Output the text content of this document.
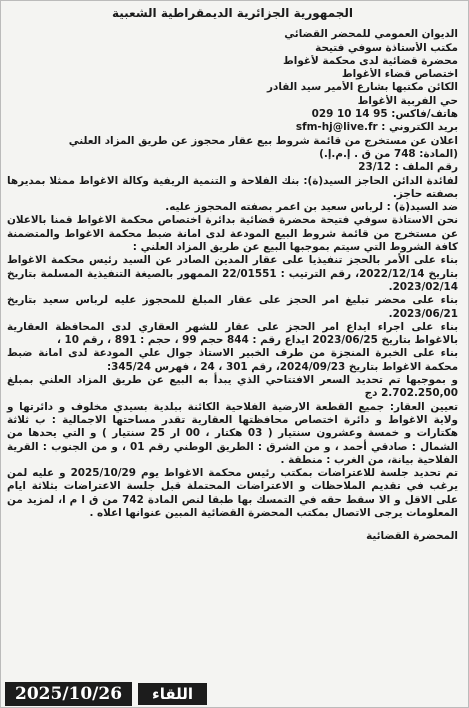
الجمهورية الجزائرية الديمقراطية الشعبية
الديوان العمومي للمحضر القضائي
مكتب الأستاذة سوفي فتيحة
محضرة قضائية لدى محكمة لأغواط
اختصاص قضاء الأغواط
الكائن مكتبها بشارع الأمير سيد القادر
حي الفربية الأغواط
هاتف/فاكس: 029 10 14 95
بريد الكتروني : sfm-hj@live.fr
اعلان عن مستخرج من قائمة شروط بيع عقار محجوز عن طريق المزاد العلني
(المادة: 748 من ق . إ.م.إ.)
رقم الملف : 23/12

لفائدة الدائن الحاجز السيد(ة): بنك الفلاحة و التنمية الريفية وكالة الاغواط ممثلا بمديرها بصفته حاجز.

ضد السيد(ة) : لرباس سعيد بن اعمر بصفته المحجوز عليه.

نحن الاستاذة سوفي فتيحة محضرة قضائية بدائرة اختصاص محكمة الاغواط قمنا بالاعلان عن مستخرج من قائمة شروط البيع المودعة لدى امانة ضبط محكمة الاغواط والمتضمنة كافة الشروط التي سيتم بموجبها البيع عن طريق المزاد العلني :

بناء على الأمر بالحجز تنفيذيا على عقار المدين الصادر عن السيد رئيس محكمة الاغواط بتاريخ 2022/12/14، رقم الترتيب : 22/01551 الممهور بالصيغة التنفيذية المسلمة بتاريخ 2023/02/14.

بناء على محضر تبليغ امر الحجز على عقار المبلغ للمحجوز عليه لرباس سعيد بتاريخ 2023/06/21.

بناء على اجراء ايداع امر الحجز على عقار للشهر العقاري لدى المحافظة العقارية بالاغواط بتاريخ 2023/06/25 ايداع رقم : 844 حجم 99 ، حجم : 891 ، رقم 10 ،

بناء على الخبرة المنجزة من طرف الخبير الاستاذ جوال علي المودعة لدى امانة ضبط محكمة الاغواط بتاريخ 2024/09/23، رقم 301 ، 24 ، فهرس 345/24:

و بموجبها تم تحديد السعر الافتتاحي الذي يبدأ به البيع عن طريق المزاد العلني بمبلغ 2.702.250,00 دج

تعيين العقار: جميع القطعة الارضية الفلاحية الكائنة ببلدية بسيدي مخلوف و دائرتها و ولاية الاغواط و دائرة اختصاص محافظتها العقارية تقدر مساحتها الاجمالية : ب ثلاثة هكتارات و خمسة وعشرون سنتيار ( 03 هكتار ، 00 ار 25 سنتيار ) و التي يحدها من الشمال : صادقي أحمد ، و من الشرق : الطريق الوطني رقم 01 ، و من الجنوب : القرية الفلاحية بيانة، من الغرب : منطقة .

تم تحديد جلسة للاعتراضات بمكتب رئيس محكمة الاغواط يوم 2025/10/29 و عليه لمن يرغب في تقديم الملاحظات و الاعتراضات المحتملة قبل جلسة الاعتراضات بثلاثة ايام على الاقل و الا سقط حقه في التمسك بها طبقا لنص المادة 742 من ق ا م ا، لمزيد من المعلومات يرجى الاتصال بمكتب المحضرة القضائية المبين عنوانها اعلاه .

المحضرة القضائية
2025/10/26	اللقاء
